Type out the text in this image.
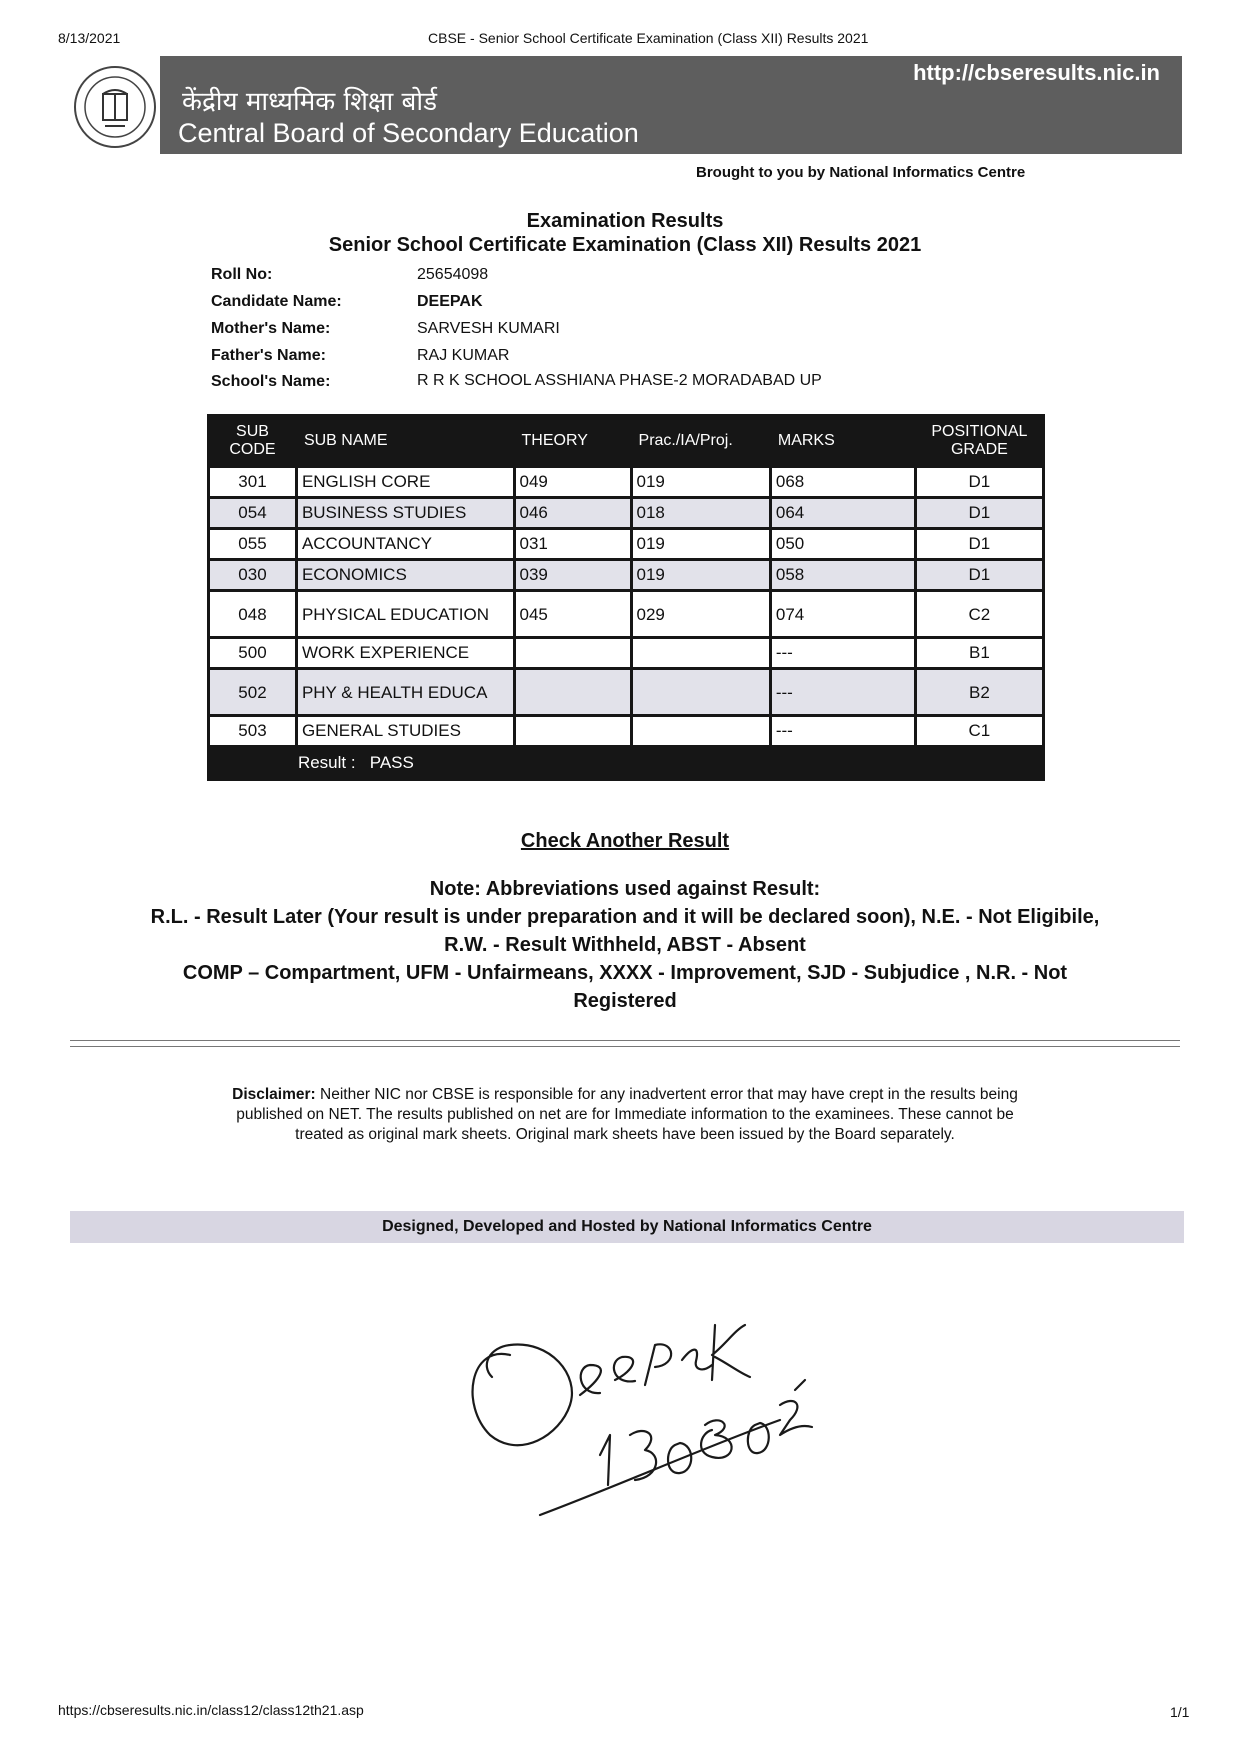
8/13/2021	CBSE - Senior School Certificate Examination (Class XII) Results 2021
http://cbseresults.nic.in
केंद्रीय माध्यमिक शिक्षा बोर्ड
Central Board of Secondary Education
Brought to you by National Informatics Centre
Examination Results
Senior School Certificate Examination (Class XII) Results 2021
Roll No:	25654098
Candidate Name:	DEEPAK
Mother's Name:	SARVESH KUMARI
Father's Name:	RAJ KUMAR
School's Name:	R R K SCHOOL ASSHIANA PHASE-2 MORADABAD UP
SUB CODE	SUB NAME	THEORY	Prac./IA/Proj.	MARKS	POSITIONAL GRADE
301	ENGLISH CORE	049	019	068	D1
054	BUSINESS STUDIES	046	018	064	D1
055	ACCOUNTANCY	031	019	050	D1
030	ECONOMICS	039	019	058	D1
048	PHYSICAL EDUCATION	045	029	074	C2
500	WORK EXPERIENCE			---	B1
502	PHY & HEALTH EDUCA			---	B2
503	GENERAL STUDIES			---	C1
	Result : PASS				
Check Another Result
Note: Abbreviations used against Result:
R.L. - Result Later (Your result is under preparation and it will be declared soon), N.E. - Not Eligibile,
R.W. - Result Withheld, ABST - Absent
COMP – Compartment, UFM - Unfairmeans, XXXX - Improvement, SJD - Subjudice , N.R. - Not
Registered
Disclaimer: Neither NIC nor CBSE is responsible for any inadvertent error that may have crept in the results being published on NET. The results published on net are for Immediate information to the examinees. These cannot be treated as original mark sheets. Original mark sheets have been issued by the Board separately.
Designed, Developed and Hosted by National Informatics Centre
https://cbseresults.nic.in/class12/class12th21.asp	1/1
